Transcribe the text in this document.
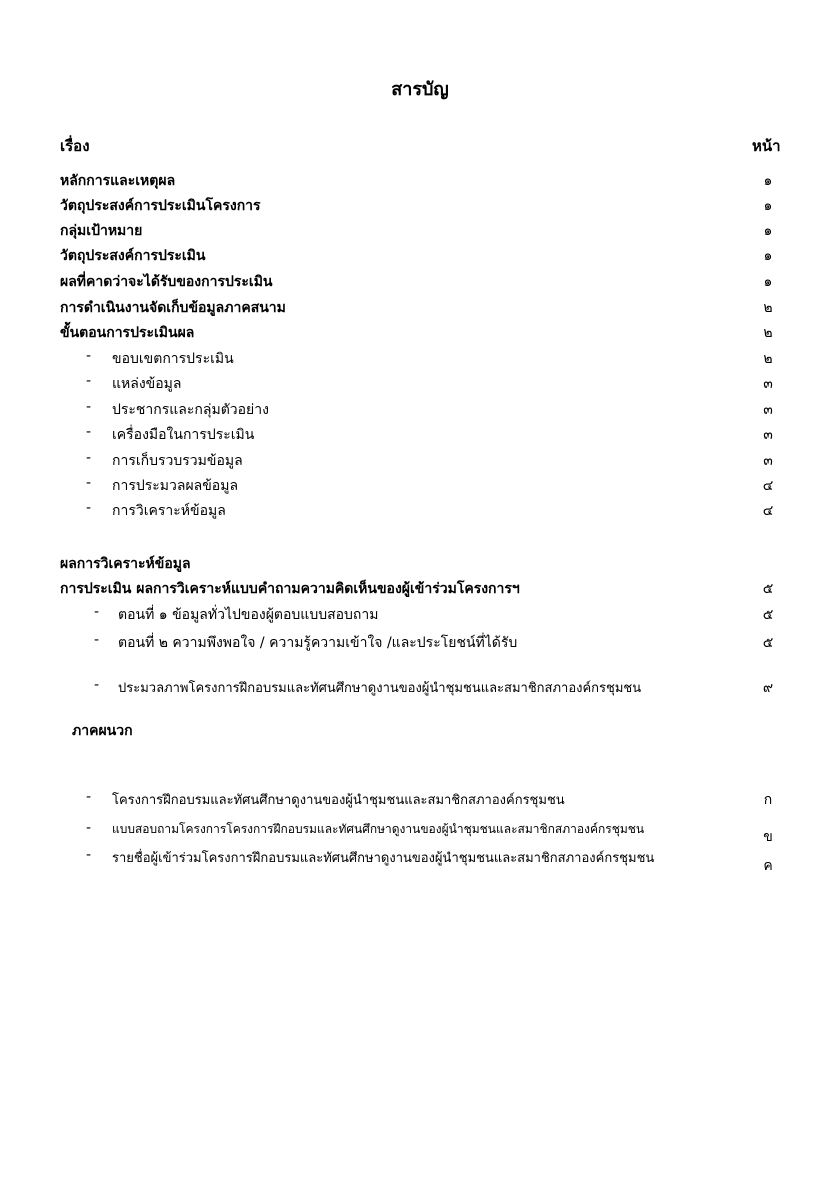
สารบัญ
เรื่อง	หน้า
หลักการและเหตุผล	๑
วัตถุประสงค์การประเมินโครงการ	๑
กลุ่มเป้าหมาย	๑
วัตถุประสงค์การประเมิน	๑
ผลที่คาดว่าจะได้รับของการประเมิน	๑
การดำเนินงานจัดเก็บข้อมูลภาคสนาม	๒
ขั้นตอนการประเมินผล	๒
- ขอบเขตการประเมิน	๒
- แหล่งข้อมูล	๓
- ประชากรและกลุ่มตัวอย่าง	๓
- เครื่องมือในการประเมิน	๓
- การเก็บรวบรวมข้อมูล	๓
- การประมวลผลข้อมูล	๔
- การวิเคราะห์ข้อมูล	๔
ผลการวิเคราะห์ข้อมูล
การประเมิน ผลการวิเคราะห์แบบคำถามความคิดเห็นของผู้เข้าร่วมโครงการฯ	๕
- ตอนที่ ๑ ข้อมูลทั่วไปของผู้ตอบแบบสอบถาม	๕
- ตอนที่ ๒ ความพึงพอใจ / ความรู้ความเข้าใจ /และประโยชน์ที่ได้รับ	๕
- ประมวลภาพโครงการฝึกอบรมและทัศนศึกษาดูงานของผู้นำชุมชนและสมาชิกสภาองค์กรชุมชน	๙
ภาคผนวก
- โครงการฝึกอบรมและทัศนศึกษาดูงานของผู้นำชุมชนและสมาชิกสภาองค์กรชุมชน	ก
- แบบสอบถามโครงการโครงการฝึกอบรมและทัศนศึกษาดูงานของผู้นำชุมชนและสมาชิกสภาองค์กรชุมชน	ข
- รายชื่อผู้เข้าร่วมโครงการฝึกอบรมและทัศนศึกษาดูงานของผู้นำชุมชนและสมาชิกสภาองค์กรชุมชน	ค
